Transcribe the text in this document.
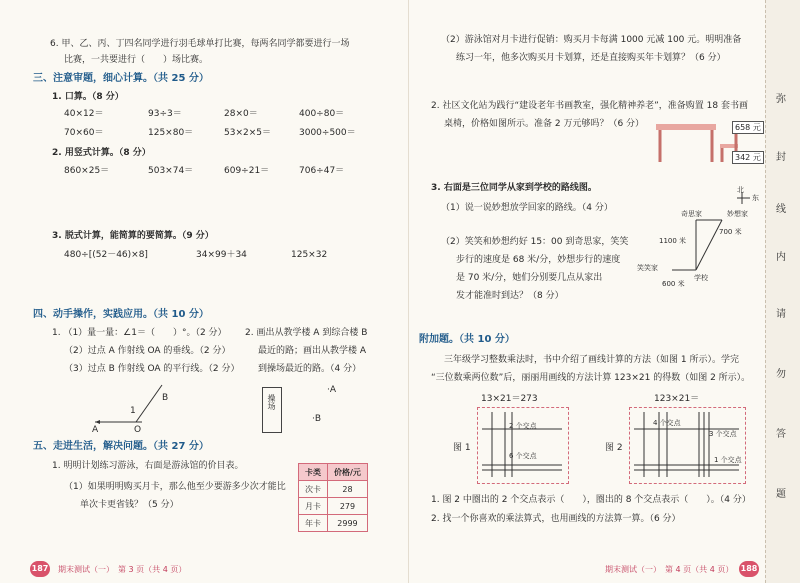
6. 甲、乙、丙、丁四名同学进行羽毛球单打比赛，每两名同学都要进行一场
比赛，一共要进行（　　）场比赛。
三、注意审题，细心计算。（共 25 分）
1. 口算。（8 分）
40×12＝	93÷3＝	28×0＝	400÷80＝
70×60＝	125×80＝	53×2×5＝	3000÷500＝
2. 用竖式计算。（8 分）
860×25＝	503×74＝	609÷21＝	706÷47＝
3. 脱式计算，能简算的要简算。（9 分）
480÷[(52－46)×8]	34×99＋34	125×32
四、动手操作，实践应用。（共 10 分）
1. （1）量一量：∠1＝（　　）°。（2 分）
（2）过点 A 作射线 OA 的垂线。（2 分）
（3）过点 B 作射线 OA 的平行线。（2 分）
2. 画出从教学楼 A 到综合楼 B
最近的路；画出从教学楼 A
到操场最近的路。（4 分）
A	O
B
1
操场
·A
·B
五、走进生活，解决问题。（共 27 分）
1. 明明计划练习游泳，右面是游泳馆的价目表。
（1）如果明明购买月卡，那么他至少要游多少次才能比
单次卡更省钱？（5 分）
卡类	价格/元
次卡	28
月卡	279
年卡	2999
187 期末测试（一）　第 3 页（共 4 页）
（2）游泳馆对月卡进行促销：购买月卡每满 1000 元减 100 元。明明准备
练习一年，他多次购买月卡划算，还是直接购买年卡划算？（6 分）
2. 社区文化站为践行“建设老年书画教室，强化精神养老”，准备购置 18 套书画
桌椅，价格如图所示。准备 2 万元够吗？（6 分）	658 元
342 元
3. 右面是三位同学从家到学校的路线图。
（1）说一说妙想放学回家的路线。（4 分）
（2）笑笑和妙想约好 15：00 到奇思家，笑笑
步行的速度是 68 米/分，妙想步行的速度
是 70 米/分，她们分别要几点从家出
发才能准时到达？（8 分）
北
东
奇思家	妙想家
700 米
1100 米
笑笑家
学校
600 米
附加题。（共 10 分）
三年级学习整数乘法时，书中介绍了画线计算的方法（如图 1 所示）。学完
“三位数乘两位数”后，丽丽用画线的方法计算 123×21 的得数（如图 2 所示）。
13×21＝273	123×21＝
图 1	图 2
2 个交点
6 个交点
4 个交点
3 个交点
1 个交点
1. 图 2 中圈出的 2 个交点表示（　　），圈出的 8 个交点表示（　　）。（4 分）
2. 找一个你喜欢的乘法算式，也用画线的方法算一算。（6 分）
期末测试（一）　第 4 页（共 4 页） 188
弥
封
线
内
请
勿
答
题
